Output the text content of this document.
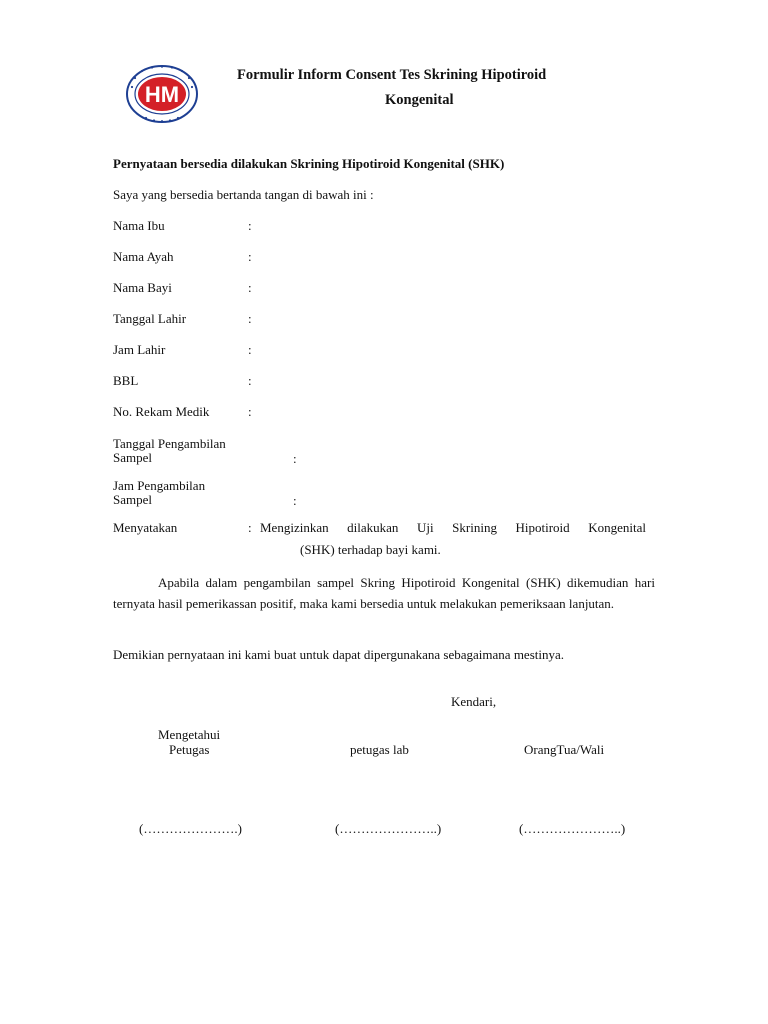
HM
Formulir Inform Consent Tes Skrining Hipotiroid
Kongenital
Pernyataan bersedia dilakukan Skrining Hipotiroid Kongenital (SHK)
Saya yang bersedia bertanda tangan di bawah ini :
Nama Ibu	:
Nama Ayah	:
Nama Bayi	:
Tanggal Lahir	:
Jam Lahir	:
BBL	:
No. Rekam Medik	:
Tanggal Pengambilan
Sampel	:
Jam Pengambilan
Sampel	:
Menyatakan	: Mengizinkan dilakukan Uji Skrining Hipotiroid Kongenital
(SHK) terhadap bayi kami.
Apabila dalam pengambilan sampel Skring Hipotiroid Kongenital (SHK) dikemudian hari ternyata hasil pemerikassan positif, maka kami bersedia untuk melakukan pemeriksaan lanjutan.
Demikian pernyataan ini kami buat untuk dapat dipergunakana sebagaimana mestinya.
Kendari,
Mengetahui
Petugas	petugas lab	OrangTua/Wali
(………………….)	(…………………..)	(…………………..)
